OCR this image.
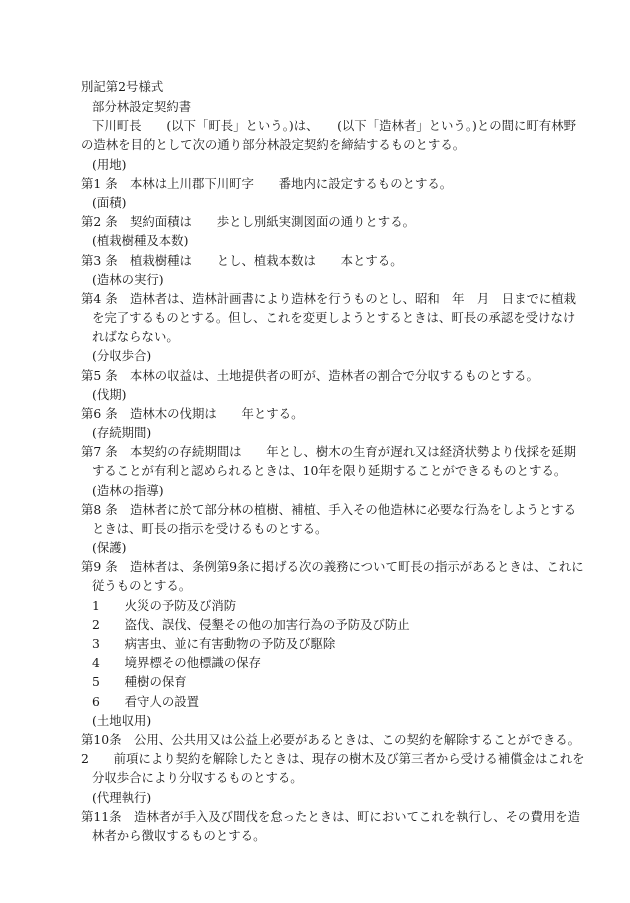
別記第2号様式
部分林設定契約書
下川町長　　(以下「町長」という。)は、　　(以下「造林者」という。)との間に町有林野
の造林を目的として次の通り部分林設定契約を締結するものとする。
(用地)
第1 条　本林は上川郡下川町字　　番地内に設定するものとする。
(面積)
第2 条　契約面積は　　歩とし別紙実測図面の通りとする。
(植栽樹種及本数)
第3 条　植栽樹種は　　とし、植栽本数は　　本とする。
(造林の実行)
第4 条　造林者は、造林計画書により造林を行うものとし、昭和　年　月　日までに植栽
を完了するものとする。但し、これを変更しようとするときは、町長の承認を受けなけ
ればならない。
(分収歩合)
第5 条　本林の収益は、土地提供者の町が、造林者の割合で分収するものとする。
(伐期)
第6 条　造林木の伐期は　　年とする。
(存続期間)
第7 条　本契約の存続期間は　　年とし、樹木の生育が遅れ又は経済状勢より伐採を延期
することが有利と認められるときは、10年を限り延期することができるものとする。
(造林の指導)
第8 条　造林者に於て部分林の植樹、補植、手入その他造林に必要な行為をしようとする
ときは、町長の指示を受けるものとする。
(保護)
第9 条　造林者は、条例第9条に掲げる次の義務について町長の指示があるときは、これに
従うものとする。
1　　火災の予防及び消防
2　　盗伐、誤伐、侵墾その他の加害行為の予防及び防止
3　　病害虫、並に有害動物の予防及び駆除
4　　境界標その他標識の保存
5　　種樹の保育
6　　看守人の設置
(土地収用)
第10条　公用、公共用又は公益上必要があるときは、この契約を解除することができる。
2　　前項により契約を解除したときは、現存の樹木及び第三者から受ける補償金はこれを
分収歩合により分収するものとする。
(代理執行)
第11条　造林者が手入及び間伐を怠ったときは、町においてこれを執行し、その費用を造
林者から徴収するものとする。
